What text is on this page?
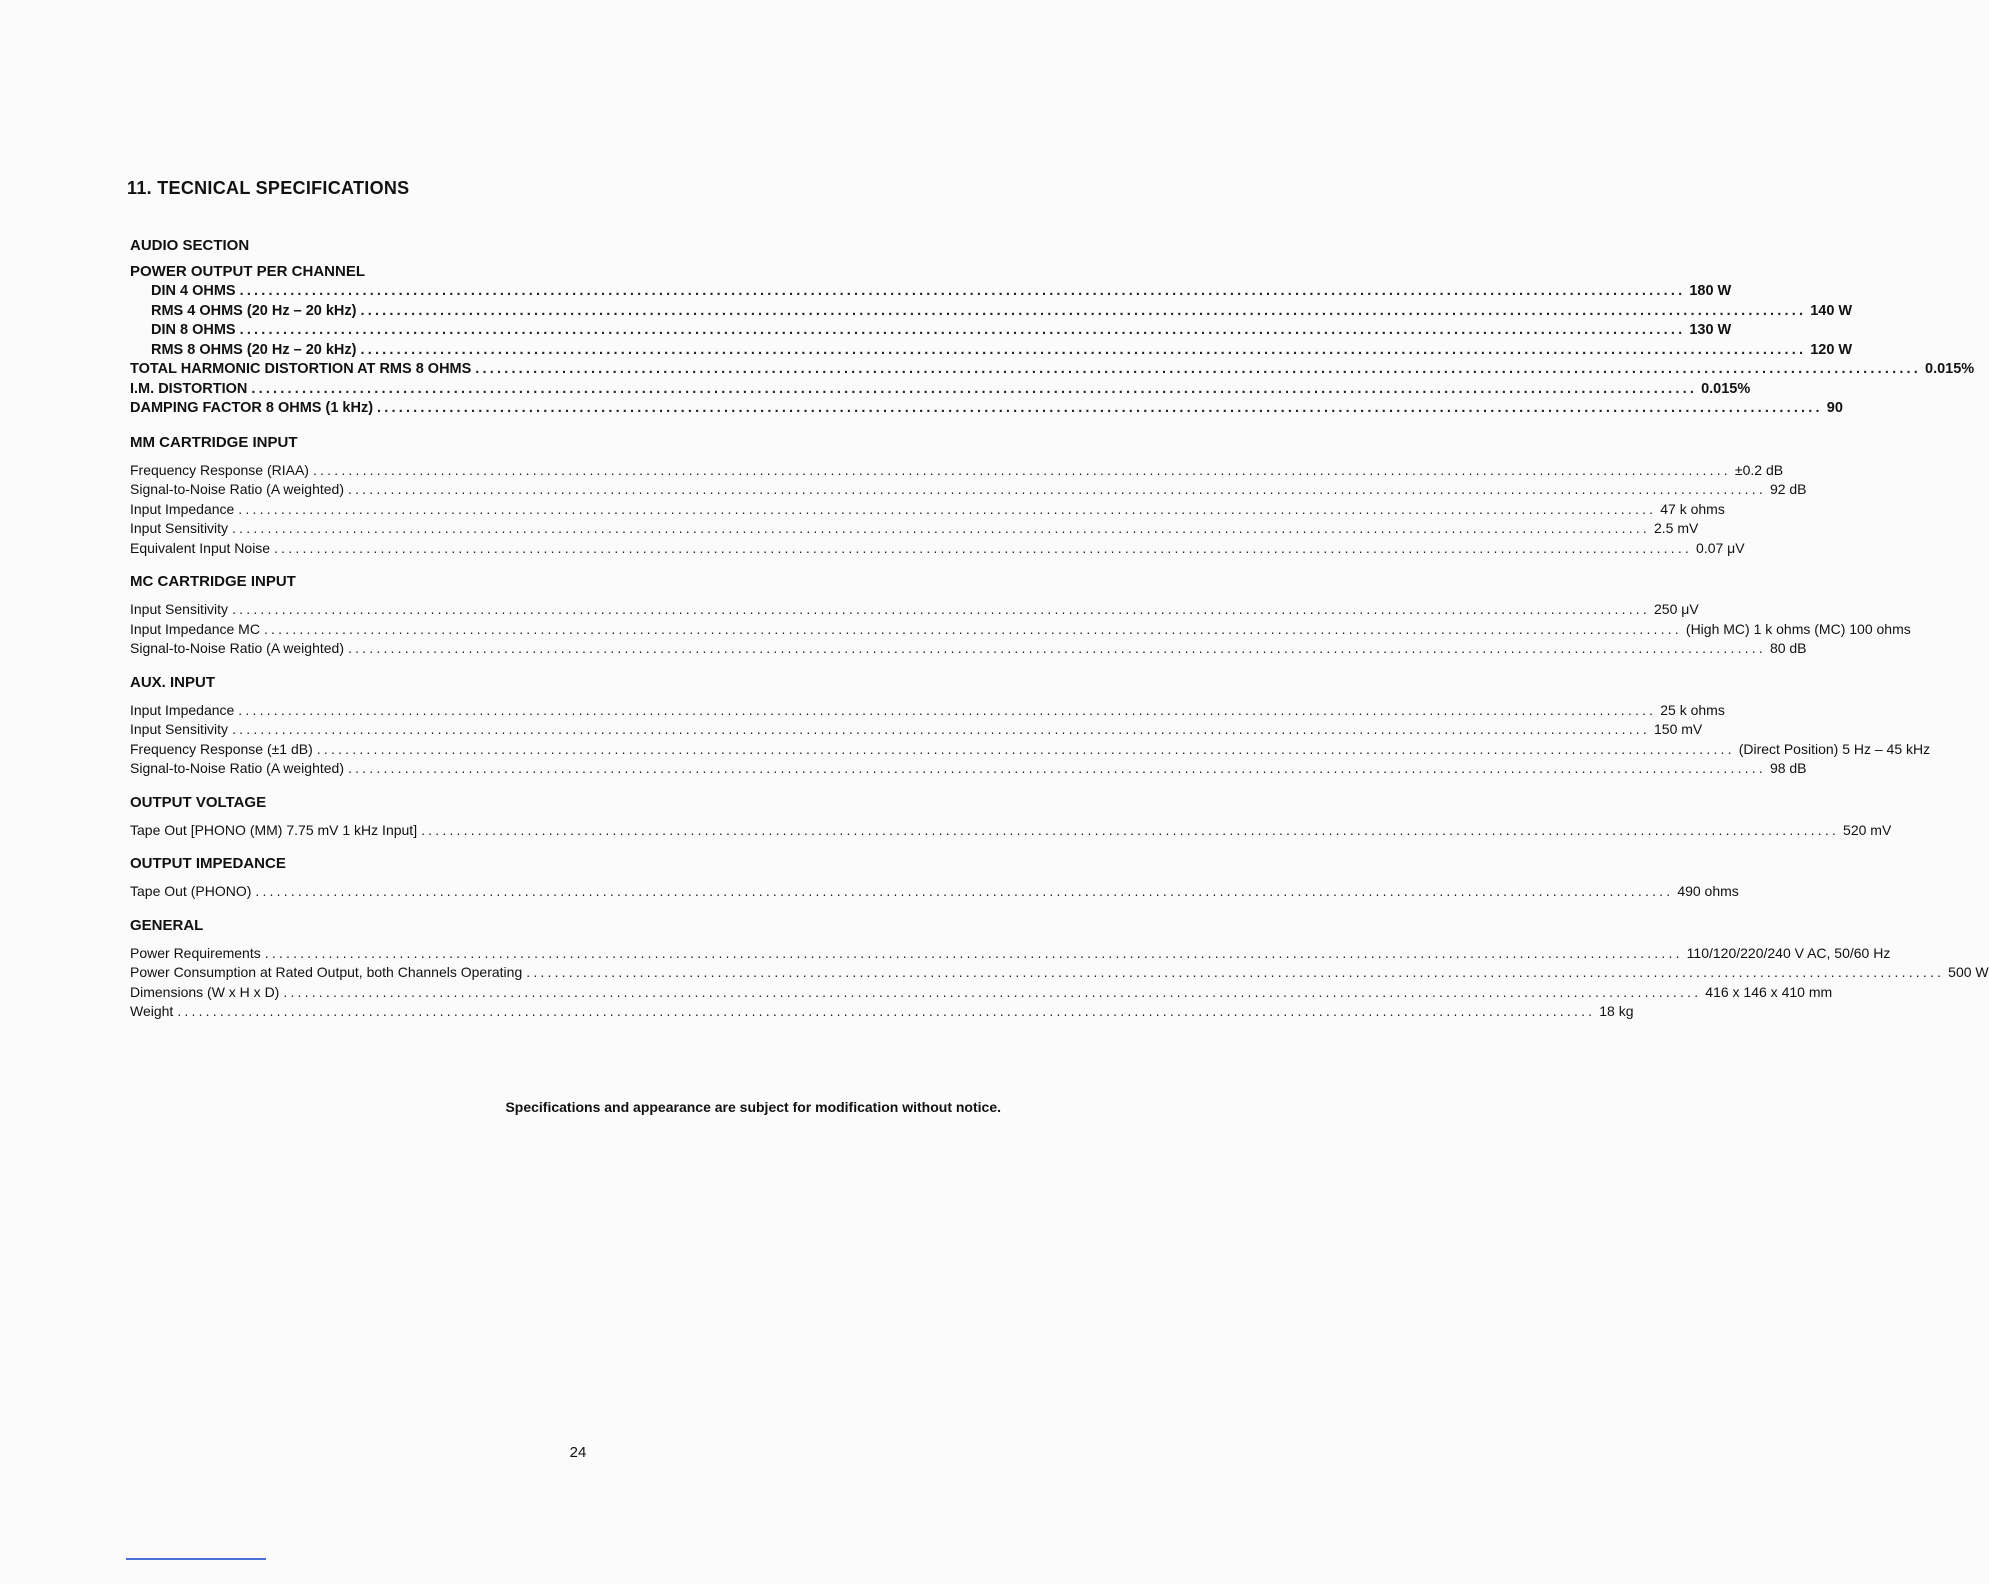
11. TECNICAL SPECIFICATIONS
AUDIO SECTION
POWER OUTPUT PER CHANNEL
DIN 4 OHMS ........................................................................................................................................................................................................ 180 W
RMS 4 OHMS (20 Hz – 20 kHz) ........................................................................................................................................................................................................ 140 W
DIN 8 OHMS ........................................................................................................................................................................................................ 130 W
RMS 8 OHMS (20 Hz – 20 kHz) ........................................................................................................................................................................................................ 120 W
TOTAL HARMONIC DISTORTION AT RMS 8 OHMS ........................................................................................................................................................................................................ 0.015%
I.M. DISTORTION ........................................................................................................................................................................................................ 0.015%
DAMPING FACTOR 8 OHMS (1 kHz) ........................................................................................................................................................................................................ 90
MM CARTRIDGE INPUT
Frequency Response (RIAA) ........................................................................................................................................................................................................ ±0.2 dB
Signal-to-Noise Ratio (A weighted) ........................................................................................................................................................................................................ 92 dB
Input Impedance ........................................................................................................................................................................................................ 47 k ohms
Input Sensitivity ........................................................................................................................................................................................................ 2.5 mV
Equivalent Input Noise ........................................................................................................................................................................................................ 0.07 μV
MC CARTRIDGE INPUT
Input Sensitivity ........................................................................................................................................................................................................ 250 μV
Input Impedance MC ........................................................................................................................................................................................................ (High MC) 1 k ohms (MC) 100 ohms
Signal-to-Noise Ratio (A weighted) ........................................................................................................................................................................................................ 80 dB
AUX. INPUT
Input Impedance ........................................................................................................................................................................................................ 25 k ohms
Input Sensitivity ........................................................................................................................................................................................................ 150 mV
Frequency Response (±1 dB) ........................................................................................................................................................................................................ (Direct Position) 5 Hz – 45 kHz
Signal-to-Noise Ratio (A weighted) ........................................................................................................................................................................................................ 98 dB
OUTPUT VOLTAGE
Tape Out [PHONO (MM) 7.75 mV 1 kHz Input] ........................................................................................................................................................................................................ 520 mV
OUTPUT IMPEDANCE
Tape Out (PHONO) ........................................................................................................................................................................................................ 490 ohms
GENERAL
Power Requirements ........................................................................................................................................................................................................ 110/120/220/240 V AC, 50/60 Hz
Power Consumption at Rated Output, both Channels Operating ........................................................................................................................................................................................................ 500 W
Dimensions (W x H x D) ........................................................................................................................................................................................................ 416 x 146 x 410 mm
Weight ........................................................................................................................................................................................................ 18 kg
Specifications and appearance are subject for modification without notice.
24
